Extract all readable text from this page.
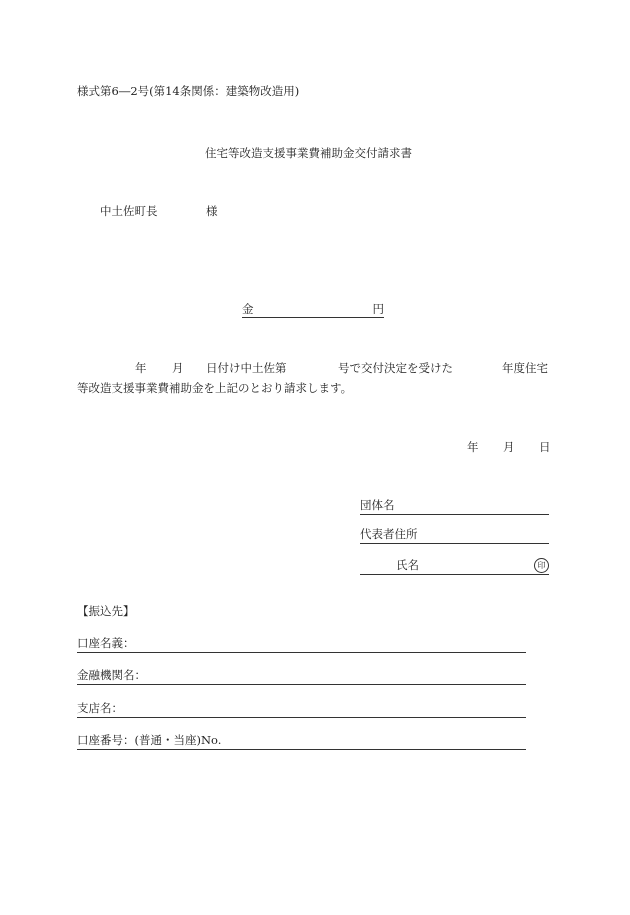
様式第6―2号(第14条関係：建築物改造用)
住宅等改造支援事業費補助金交付請求書
中土佐町長	様
金	円
年 月 日付け中土佐第	号で交付決定を受けた	年度住宅
等改造支援事業費補助金を上記のとおり請求します。
年 月 日
団体名
代表者住所
氏名	印
【振込先】
口座名義：
金融機関名：
支店名：
口座番号：(普通・当座)No.
